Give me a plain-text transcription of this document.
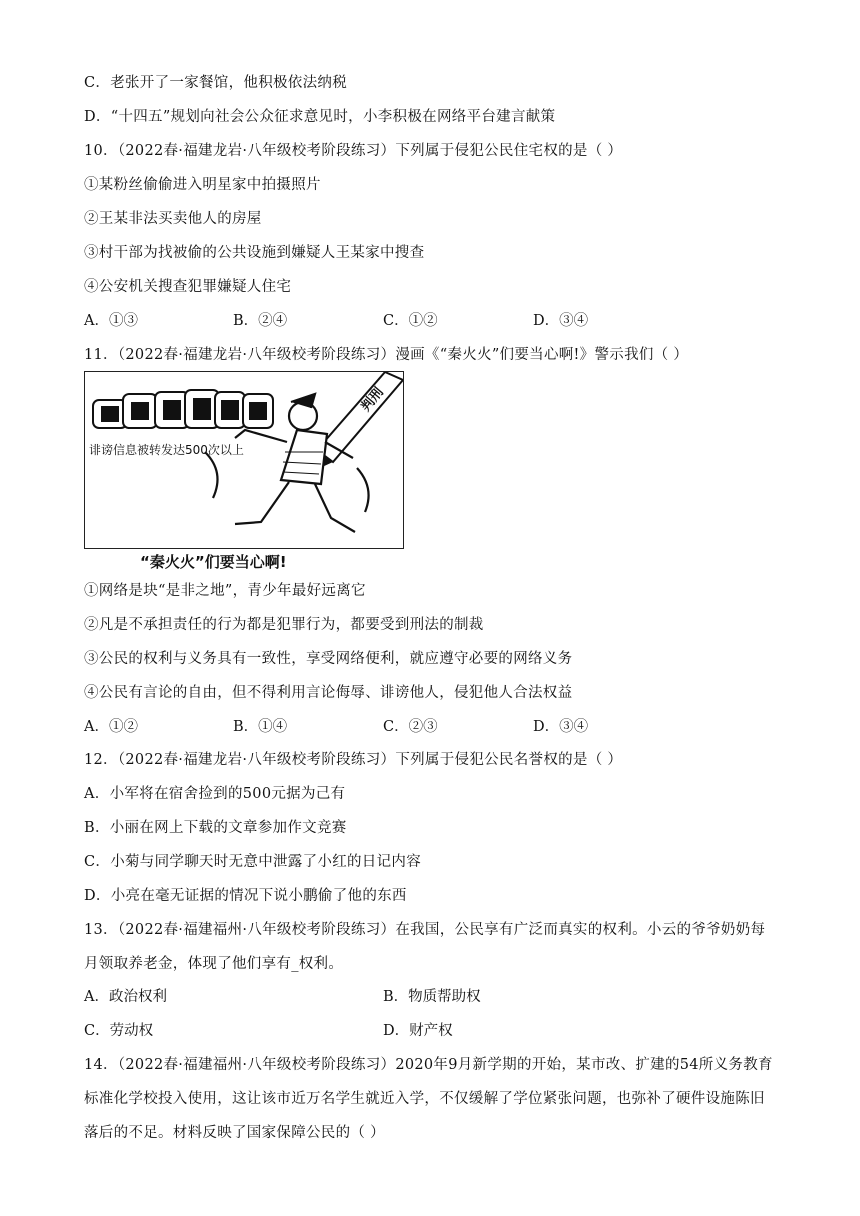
C．老张开了一家餐馆，他积极依法纳税
D．“十四五”规划向社会公众征求意见时，小李积极在网络平台建言献策
10．（2022春·福建龙岩·八年级校考阶段练习）下列属于侵犯公民住宅权的是（ ）
①某粉丝偷偷进入明星家中拍摄照片
②王某非法买卖他人的房屋
③村干部为找被偷的公共设施到嫌疑人王某家中搜查
④公安机关搜查犯罪嫌疑人住宅
A．①③	B．②④	C．①②	D．③④
11．（2022春·福建龙岩·八年级校考阶段练习）漫画《“秦火火”们要当心啊!》警示我们（ ）
诽谤信息被转发达500次以上
判刑
“秦火火”们要当心啊!
①网络是块“是非之地”，青少年最好远离它
②凡是不承担责任的行为都是犯罪行为，都要受到刑法的制裁
③公民的权利与义务具有一致性，享受网络便利，就应遵守必要的网络义务
④公民有言论的自由，但不得利用言论侮辱、诽谤他人，侵犯他人合法权益
A．①②	B．①④	C．②③	D．③④
12．（2022春·福建龙岩·八年级校考阶段练习）下列属于侵犯公民名誉权的是（ ）
A．小军将在宿舍捡到的500元据为己有
B．小丽在网上下载的文章参加作文竞赛
C．小菊与同学聊天时无意中泄露了小红的日记内容
D．小亮在毫无证据的情况下说小鹏偷了他的东西
13．（2022春·福建福州·八年级校考阶段练习）在我国，公民享有广泛而真实的权利。小云的爷爷奶奶每
月领取养老金，体现了他们享有_权利。
A．政治权利	B．物质帮助权
C．劳动权	D．财产权
14．（2022春·福建福州·八年级校考阶段练习）2020年9月新学期的开始，某市改、扩建的54所义务教育
标准化学校投入使用，这让该市近万名学生就近入学，不仅缓解了学位紧张问题，也弥补了硬件设施陈旧
落后的不足。材料反映了国家保障公民的（ ）
